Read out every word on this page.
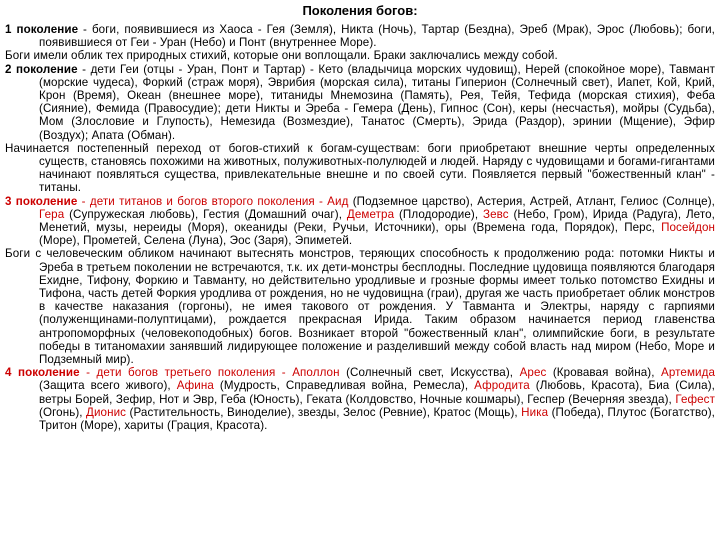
Поколения богов:

1 поколение - боги, появившиеся из Хаоса - Гея (Земля), Никта (Ночь), Тартар (Бездна), Эреб (Мрак), Эрос (Любовь); боги, появившиеся от Геи - Уран (Небо) и Понт (внутреннее Море).

Боги имели облик тех природных стихий, которые они воплощали. Браки заключались между собой.

2 поколение - дети Геи (отцы - Уран, Понт и Тартар) - Кето (владычица морских чудовищ), Нерей (спокойное море), Тавмант (морские чудеса), Форкий (страж моря), Эврибия (морская сила), титаны Гиперион (Солнечный свет), Иапет, Кой, Крий, Крон (Время), Океан (внешнее море), титаниды Мнемозина (Память), Рея, Тейя, Тефида (морская стихия), Феба (Сияние), Фемида (Правосудие); дети Никты и Эреба - Гемера (День), Гипнос (Сон), керы (несчастья), мойры (Судьба), Мом (Злословие и Глупость), Немезида (Возмездие), Танатос (Смерть), Эрида (Раздор), эринии (Мщение), Эфир (Воздух); Апата (Обман).

Начинается постепенный переход от богов-стихий к богам-существам: боги приобретают внешние черты определенных существ, становясь похожими на животных, полуживотных-полулюдей и людей. Наряду с чудовищами и богами-гигантами начинают появляться существа, привлекательные внешне и по своей сути. Появляется первый "божественный клан" - титаны.

3 поколение - дети титанов и богов второго поколения - Аид (Подземное царство), Астерия, Астрей, Атлант, Гелиос (Солнце), Гера (Супружеская любовь), Гестия (Домашний очаг), Деметра (Плодородие), Зевс (Небо, Гром), Ирида (Радуга), Лето, Менетий, музы, нереиды (Моря), океаниды (Реки, Ручьи, Источники), оры (Времена года, Порядок), Перс, Посейдон (Море), Прометей, Селена (Луна), Эос (Заря), Эпиметей.

Боги с человеческим обликом начинают вытеснять монстров, теряющих способность к продолжению рода: потомки Никты и Эреба в третьем поколении не встречаются, т.к. их дети-монстры бесплодны. Последние цудовища появляются благодаря Ехидне, Тифону, Форкию и Тавманту, но действительно уродливые и грозные формы имеет только потомство Ехидны и Тифона, часть детей Форкия уродлива от рождения, но не чудовищна (граи), другая же часть приобретает облик монстров в качестве наказания (горгоны), не имея такового от рождения. У Тавманта и Электры, наряду с гарпиями (полуженщинами-полуптицами), рождается прекрасная Ирида. Таким образом начинается период главенства антропоморфных (человекоподобных) богов. Возникает второй "божественный клан", олимпийские боги, в результате победы в титаномахии занявший лидирующее положение и разделивший между собой власть над миром (Небо, Море и Подземный мир).

4 поколение - дети богов третьего поколения - Аполлон (Солнечный свет, Искусства), Арес (Кровавая война), Артемида (Защита всего живого), Афина (Мудрость, Справедливая война, Ремесла), Афродита (Любовь, Красота), Биа (Сила), ветры Борей, Зефир, Нот и Эвр, Геба (Юность), Геката (Колдовство, Ночные кошмары), Геспер (Вечерняя звезда), Гефест (Огонь), Дионис (Растительность, Виноделие), звезды, Зелос (Ревние), Кратос (Мощь), Ника (Победа), Плутос (Богатство), Тритон (Море), хариты (Грация, Красота).
